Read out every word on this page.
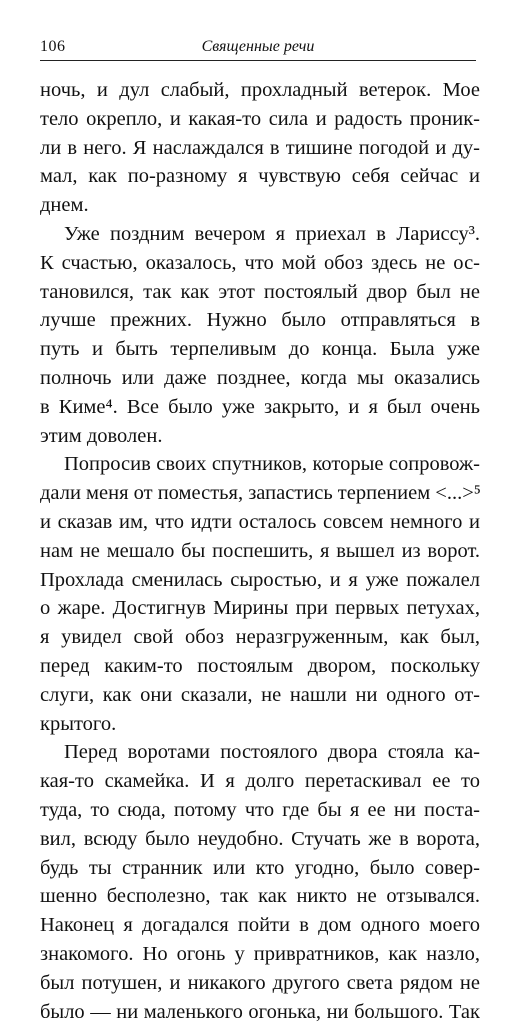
106	Священные речи
ночь, и дул слабый, прохладный ветерок. Мое
тело окрепло, и какая-то сила и радость проник-
ли в него. Я наслаждался в тишине погодой и ду-
мал, как по-разному я чувствую себя сейчас и
днем.
Уже поздним вечером я приехал в Лариссу³.
К счастью, оказалось, что мой обоз здесь не ос-
тановился, так как этот постоялый двор был не
лучше прежних. Нужно было отправляться в
путь и быть терпеливым до конца. Была уже
полночь или даже позднее, когда мы оказались
в Киме⁴. Все было уже закрыто, и я был очень
этим доволен.
Попросив своих спутников, которые сопровож-
дали меня от поместья, запастись терпением <...>⁵
и сказав им, что идти осталось совсем немного и
нам не мешало бы поспешить, я вышел из ворот.
Прохлада сменилась сыростью, и я уже пожалел
о жаре. Достигнув Мирины при первых петухах,
я увидел свой обоз неразгруженным, как был,
перед каким-то постоялым двором, поскольку
слуги, как они сказали, не нашли ни одного от-
крытого.
Перед воротами постоялого двора стояла ка-
кая-то скамейка. И я долго перетаскивал ее то
туда, то сюда, потому что где бы я ее ни поста-
вил, всюду было неудобно. Стучать же в ворота,
будь ты странник или кто угодно, было совер-
шенно бесполезно, так как никто не отзывался.
Наконец я догадался пойти в дом одного моего
знакомого. Но огонь у привратников, как назло,
был потушен, и никакого другого света рядом не
было — ни маленького огонька, ни большого. Так
